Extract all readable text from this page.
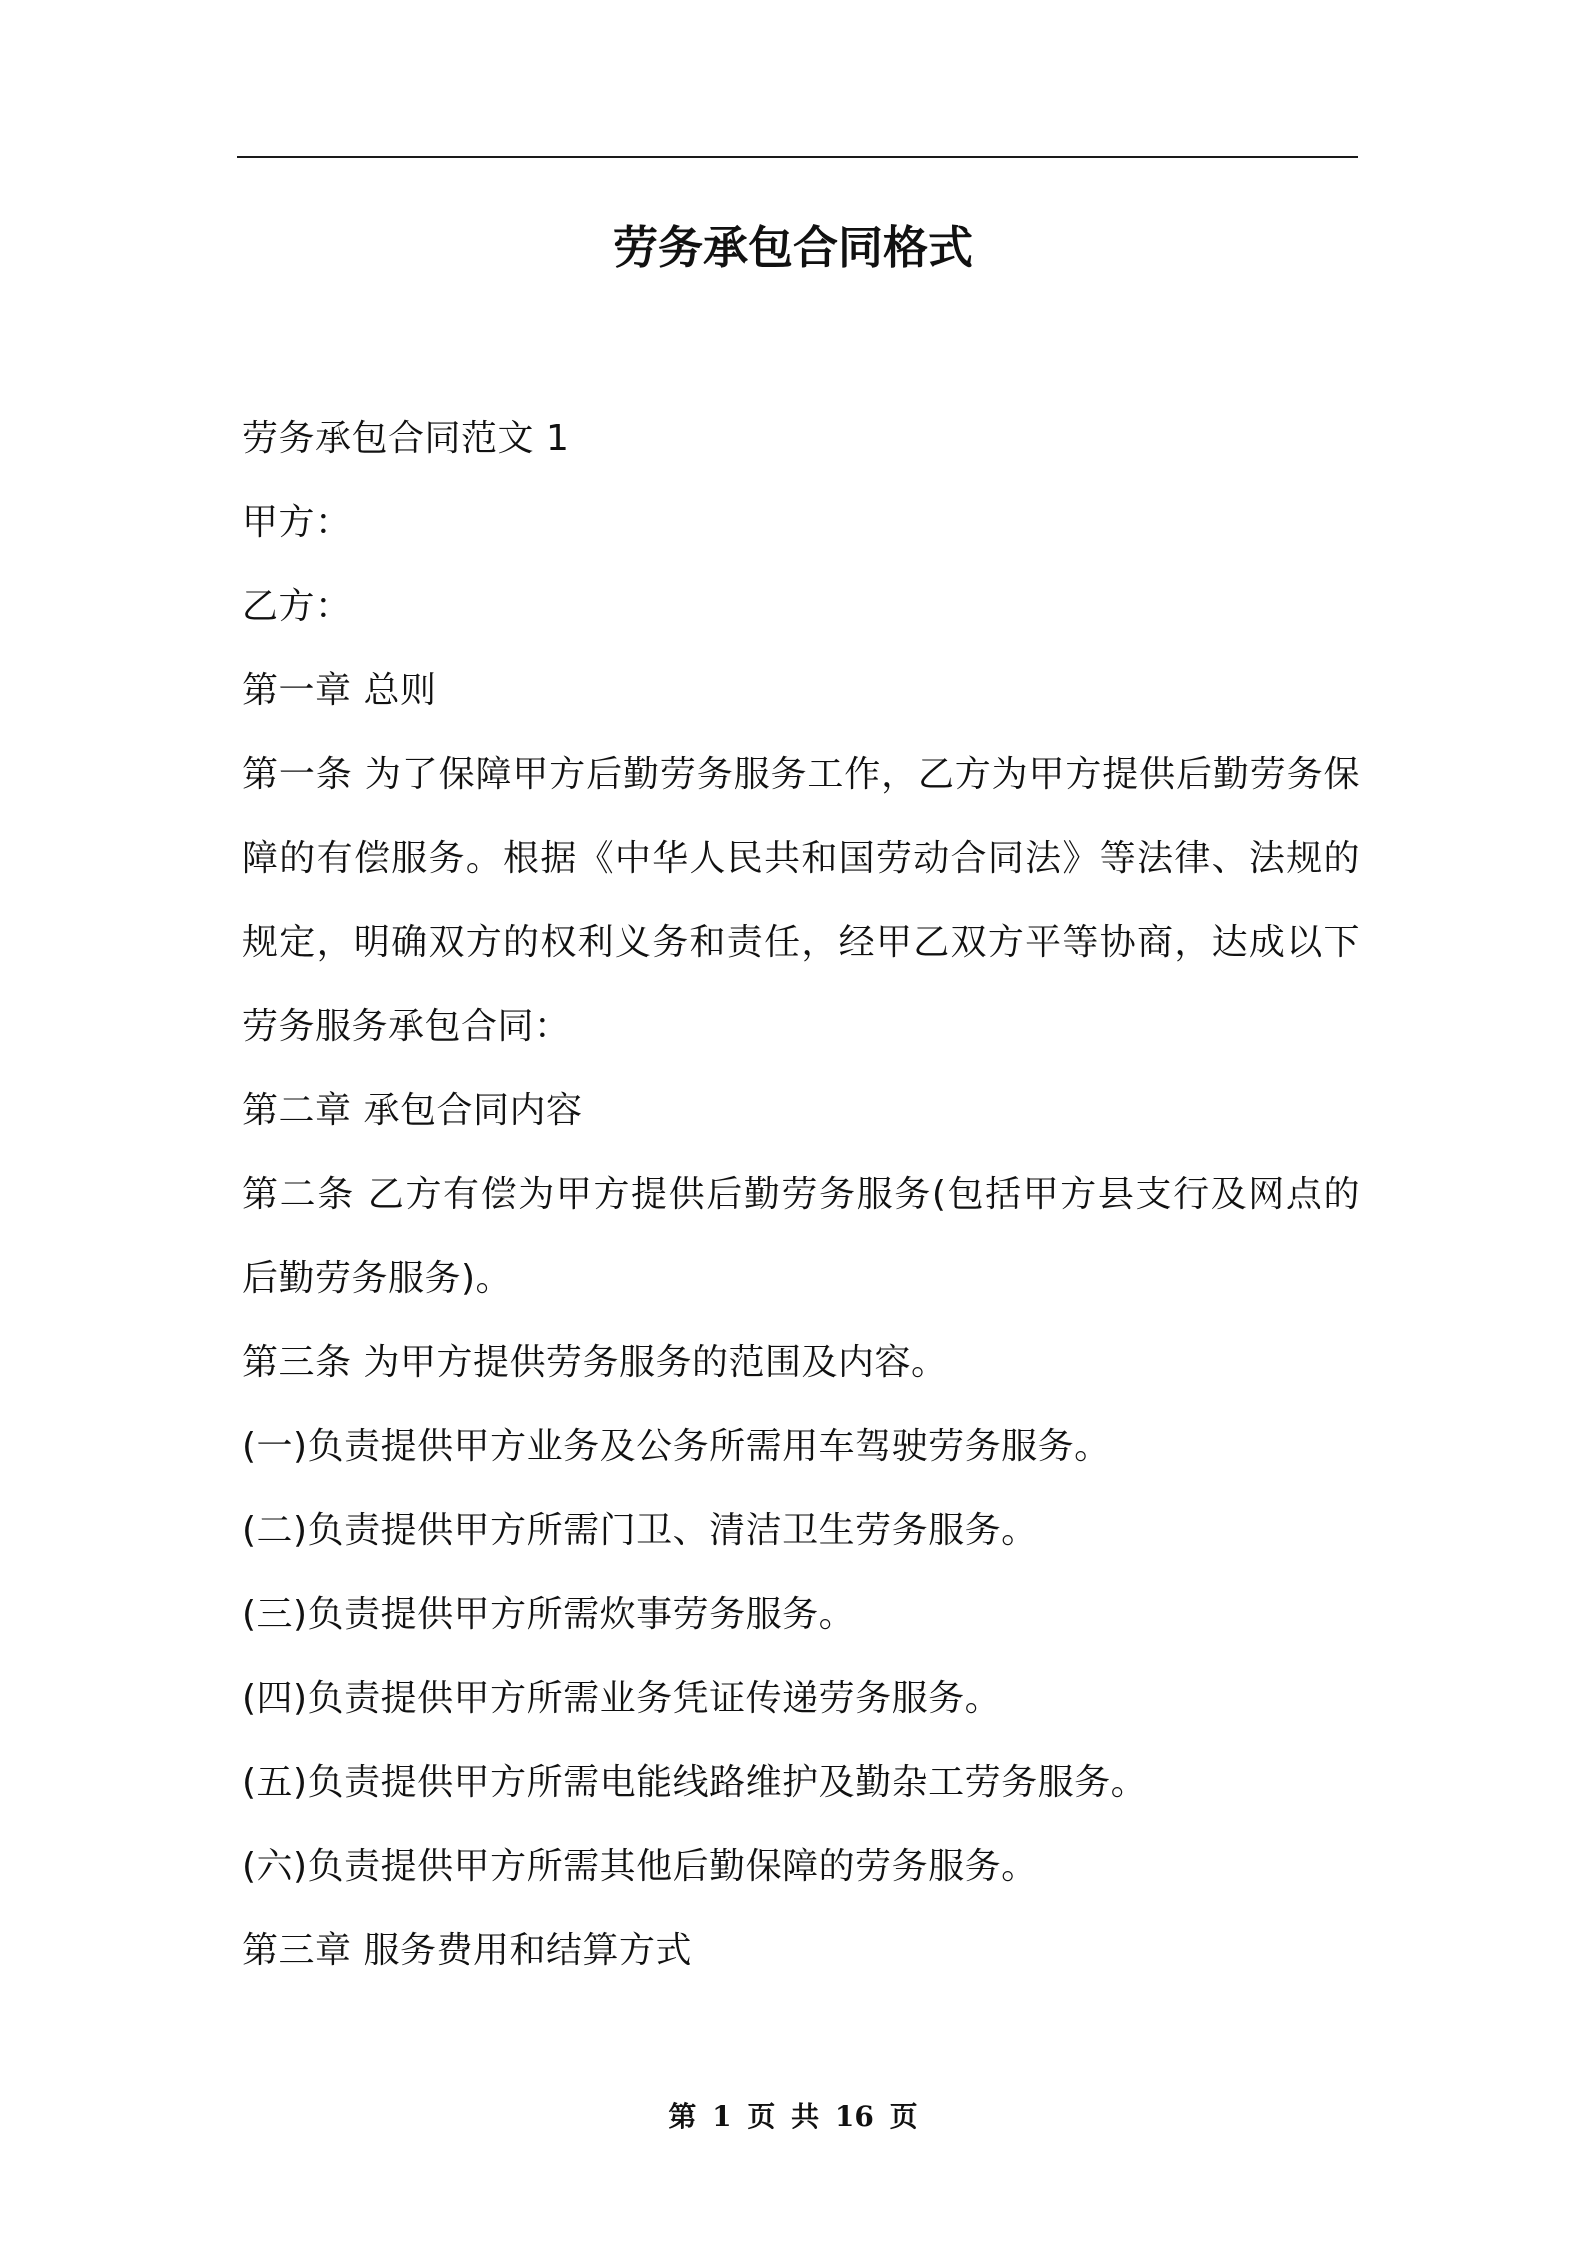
劳务承包合同格式

劳务承包合同范文 1

甲方：

乙方：

第一章 总则

第一条 为了保障甲方后勤劳务服务工作，乙方为甲方提供后勤劳务保障的有偿服务。根据《中华人民共和国劳动合同法》等法律、法规的规定，明确双方的权利义务和责任，经甲乙双方平等协商，达成以下劳务服务承包合同：

第二章 承包合同内容

第二条 乙方有偿为甲方提供后勤劳务服务(包括甲方县支行及网点的后勤劳务服务)。

第三条 为甲方提供劳务服务的范围及内容。

(一)负责提供甲方业务及公务所需用车驾驶劳务服务。

(二)负责提供甲方所需门卫、清洁卫生劳务服务。

(三)负责提供甲方所需炊事劳务服务。

(四)负责提供甲方所需业务凭证传递劳务服务。

(五)负责提供甲方所需电能线路维护及勤杂工劳务服务。

(六)负责提供甲方所需其他后勤保障的劳务服务。

第三章 服务费用和结算方式

第 1 页 共 16 页
